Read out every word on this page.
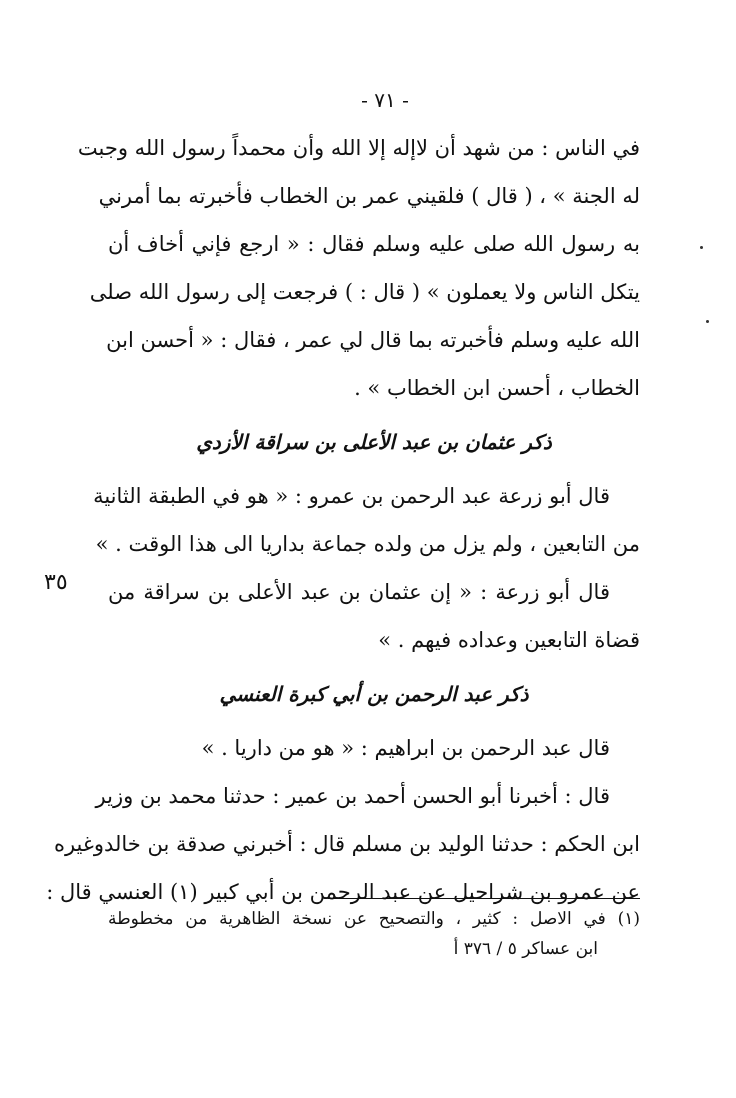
- ٧١ -
٣٥
في الناس : من شهد أن لاإله إلا الله وأن محمداً رسول الله وجبت
له الجنة » ، ( قال ) فلقيني عمر بن الخطاب فأخبرته بما أمرني
به رسول الله صلى عليه وسلم فقال : « ارجع فإني أخاف أن
يتكل الناس ولا يعملون » ( قال : ) فرجعت إلى رسول الله صلى
الله عليه وسلم فأخبرته بما قال لي عمر ، فقال : « أحسن ابن
الخطاب ، أحسن ابن الخطاب » .
ذكر عثمان بن عبد الأعلى بن سراقة الأزدي
قال أبو زرعة عبد الرحمن بن عمرو : « هو في الطبقة الثانية
من التابعين ، ولم يزل من ولده جماعة بداريا الى هذا الوقت . »
قال أبو زرعة : « إن عثمان بن عبد الأعلى بن سراقة من
قضاة التابعين وعداده فيهم . »
ذكر عبد الرحمن بن أبي كبرة العنسي
قال عبد الرحمن بن ابراهيم : « هو من داريا . »
قال : أخبرنا أبو الحسن أحمد بن عمير : حدثنا محمد بن وزير
ابن الحكم : حدثنا الوليد بن مسلم قال : أخبرني صدقة بن خالدوغيره
عن عمرو بن شراحيل عن عبد الرحمن بن أبي كبير (١) العنسي قال :
(١) في الاصل : كثير ، والتصحيح عن نسخة الظاهرية من مخطوطة
ابن عساكر ٥ / ٣٧٦ أ
